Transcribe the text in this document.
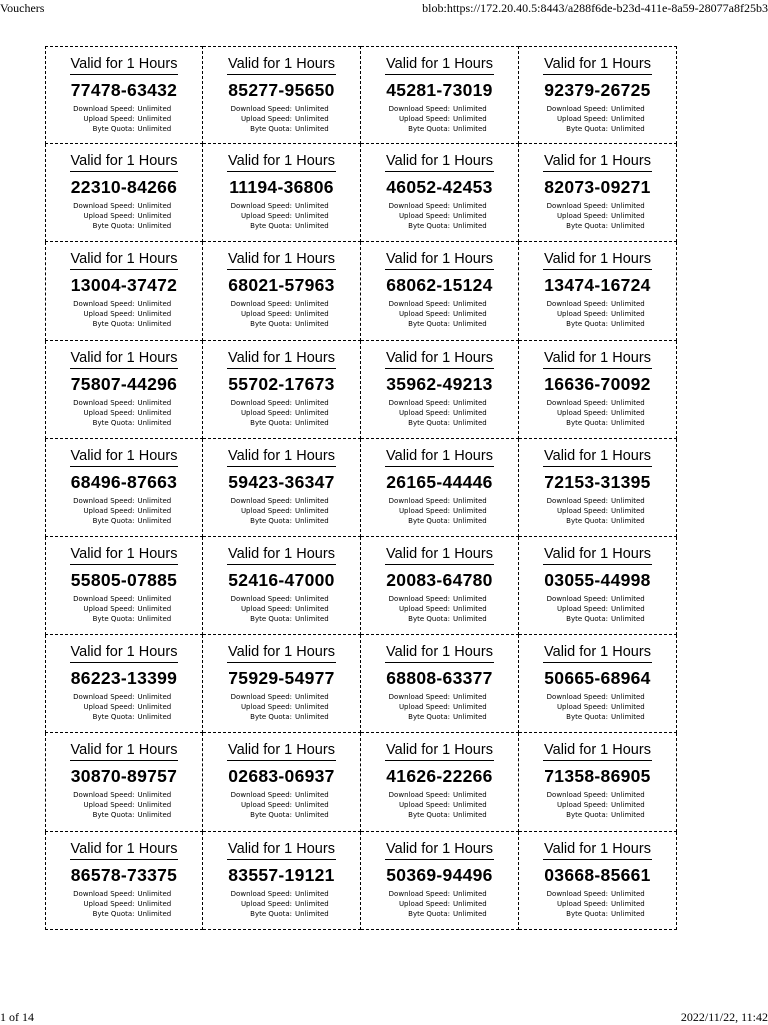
Vouchers	blob:https://172.20.40.5:8443/a288f6de-b23d-411e-8a59-28077a8f25b3
Valid for 1 Hours
77478-63432
Download Speed: Unlimited
Upload Speed: Unlimited
Byte Quota: Unlimited
Valid for 1 Hours
85277-95650
Download Speed: Unlimited
Upload Speed: Unlimited
Byte Quota: Unlimited
Valid for 1 Hours
45281-73019
Download Speed: Unlimited
Upload Speed: Unlimited
Byte Quota: Unlimited
Valid for 1 Hours
92379-26725
Download Speed: Unlimited
Upload Speed: Unlimited
Byte Quota: Unlimited
Valid for 1 Hours
22310-84266
Download Speed: Unlimited
Upload Speed: Unlimited
Byte Quota: Unlimited
Valid for 1 Hours
11194-36806
Download Speed: Unlimited
Upload Speed: Unlimited
Byte Quota: Unlimited
Valid for 1 Hours
46052-42453
Download Speed: Unlimited
Upload Speed: Unlimited
Byte Quota: Unlimited
Valid for 1 Hours
82073-09271
Download Speed: Unlimited
Upload Speed: Unlimited
Byte Quota: Unlimited
Valid for 1 Hours
13004-37472
Download Speed: Unlimited
Upload Speed: Unlimited
Byte Quota: Unlimited
Valid for 1 Hours
68021-57963
Download Speed: Unlimited
Upload Speed: Unlimited
Byte Quota: Unlimited
Valid for 1 Hours
68062-15124
Download Speed: Unlimited
Upload Speed: Unlimited
Byte Quota: Unlimited
Valid for 1 Hours
13474-16724
Download Speed: Unlimited
Upload Speed: Unlimited
Byte Quota: Unlimited
Valid for 1 Hours
75807-44296
Download Speed: Unlimited
Upload Speed: Unlimited
Byte Quota: Unlimited
Valid for 1 Hours
55702-17673
Download Speed: Unlimited
Upload Speed: Unlimited
Byte Quota: Unlimited
Valid for 1 Hours
35962-49213
Download Speed: Unlimited
Upload Speed: Unlimited
Byte Quota: Unlimited
Valid for 1 Hours
16636-70092
Download Speed: Unlimited
Upload Speed: Unlimited
Byte Quota: Unlimited
Valid for 1 Hours
68496-87663
Download Speed: Unlimited
Upload Speed: Unlimited
Byte Quota: Unlimited
Valid for 1 Hours
59423-36347
Download Speed: Unlimited
Upload Speed: Unlimited
Byte Quota: Unlimited
Valid for 1 Hours
26165-44446
Download Speed: Unlimited
Upload Speed: Unlimited
Byte Quota: Unlimited
Valid for 1 Hours
72153-31395
Download Speed: Unlimited
Upload Speed: Unlimited
Byte Quota: Unlimited
Valid for 1 Hours
55805-07885
Download Speed: Unlimited
Upload Speed: Unlimited
Byte Quota: Unlimited
Valid for 1 Hours
52416-47000
Download Speed: Unlimited
Upload Speed: Unlimited
Byte Quota: Unlimited
Valid for 1 Hours
20083-64780
Download Speed: Unlimited
Upload Speed: Unlimited
Byte Quota: Unlimited
Valid for 1 Hours
03055-44998
Download Speed: Unlimited
Upload Speed: Unlimited
Byte Quota: Unlimited
Valid for 1 Hours
86223-13399
Download Speed: Unlimited
Upload Speed: Unlimited
Byte Quota: Unlimited
Valid for 1 Hours
75929-54977
Download Speed: Unlimited
Upload Speed: Unlimited
Byte Quota: Unlimited
Valid for 1 Hours
68808-63377
Download Speed: Unlimited
Upload Speed: Unlimited
Byte Quota: Unlimited
Valid for 1 Hours
50665-68964
Download Speed: Unlimited
Upload Speed: Unlimited
Byte Quota: Unlimited
Valid for 1 Hours
30870-89757
Download Speed: Unlimited
Upload Speed: Unlimited
Byte Quota: Unlimited
Valid for 1 Hours
02683-06937
Download Speed: Unlimited
Upload Speed: Unlimited
Byte Quota: Unlimited
Valid for 1 Hours
41626-22266
Download Speed: Unlimited
Upload Speed: Unlimited
Byte Quota: Unlimited
Valid for 1 Hours
71358-86905
Download Speed: Unlimited
Upload Speed: Unlimited
Byte Quota: Unlimited
Valid for 1 Hours
86578-73375
Download Speed: Unlimited
Upload Speed: Unlimited
Byte Quota: Unlimited
Valid for 1 Hours
83557-19121
Download Speed: Unlimited
Upload Speed: Unlimited
Byte Quota: Unlimited
Valid for 1 Hours
50369-94496
Download Speed: Unlimited
Upload Speed: Unlimited
Byte Quota: Unlimited
Valid for 1 Hours
03668-85661
Download Speed: Unlimited
Upload Speed: Unlimited
Byte Quota: Unlimited
1 of 14	2022/11/22, 11:42
